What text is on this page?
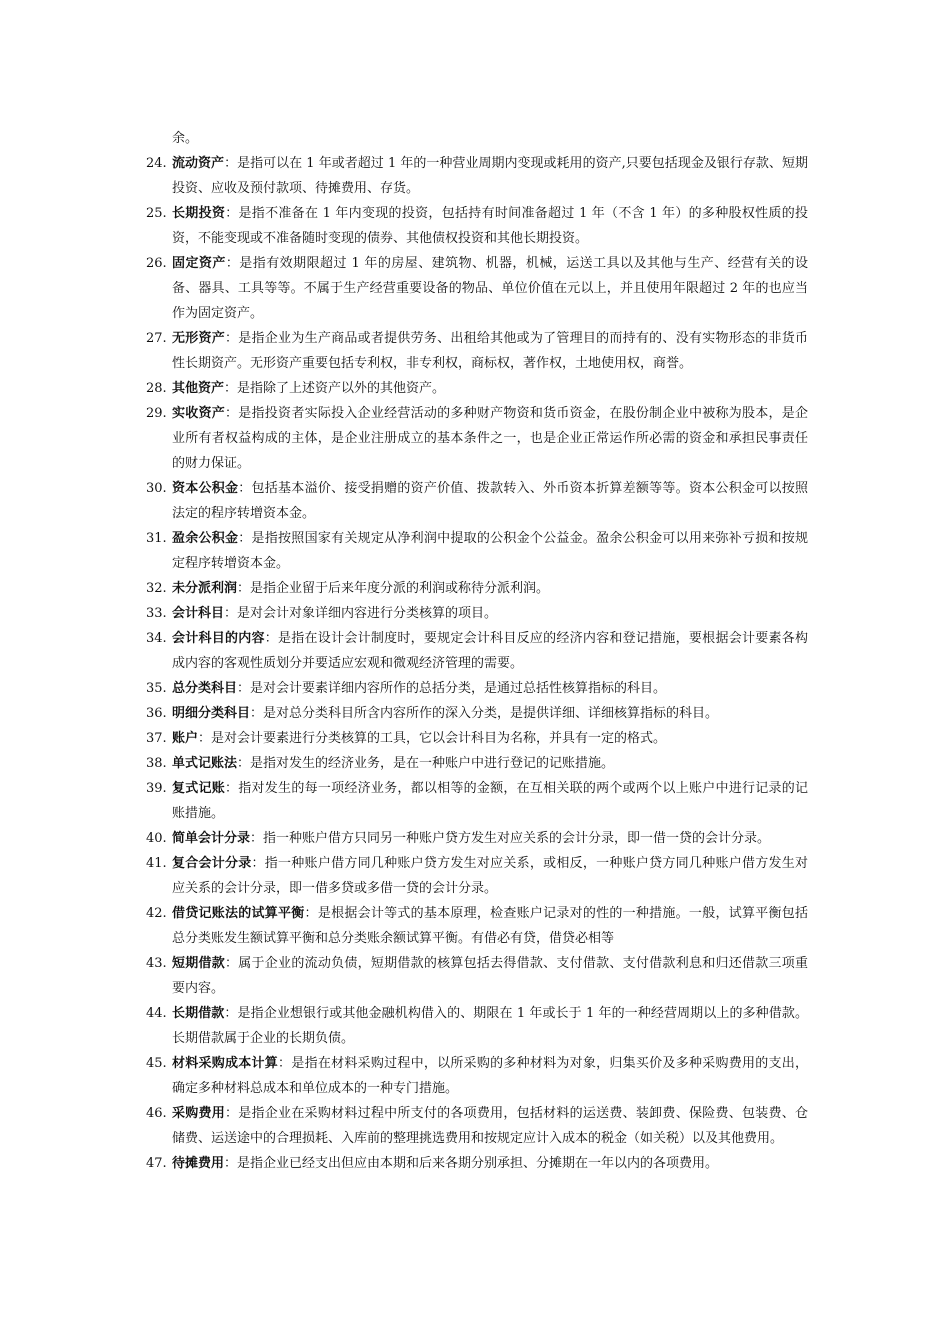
余。
24. 流动资产：是指可以在 1 年或者超过 1 年的一种营业周期内变现或耗用的资产,只要包括现金及银行存款、短期投资、应收及预付款项、待摊费用、存货。
25. 长期投资：是指不准备在 1 年内变现的投资，包括持有时间准备超过 1 年（不含 1 年）的多种股权性质的投资，不能变现或不准备随时变现的债券、其他债权投资和其他长期投资。
26. 固定资产：是指有效期限超过 1 年的房屋、建筑物、机器，机械，运送工具以及其他与生产、经营有关的设备、器具、工具等等。不属于生产经营重要设备的物品、单位价值在元以上，并且使用年限超过 2 年的也应当作为固定资产。
27. 无形资产：是指企业为生产商品或者提供劳务、出租给其他或为了管理目的而持有的、没有实物形态的非货币性长期资产。无形资产重要包括专利权，非专利权，商标权，著作权，土地使用权，商誉。
28. 其他资产：是指除了上述资产以外的其他资产。
29. 实收资产：是指投资者实际投入企业经营活动的多种财产物资和货币资金，在股份制企业中被称为股本，是企业所有者权益构成的主体，是企业注册成立的基本条件之一，也是企业正常运作所必需的资金和承担民事责任的财力保证。
30. 资本公积金：包括基本溢价、接受捐赠的资产价值、拨款转入、外币资本折算差额等等。资本公积金可以按照法定的程序转增资本金。
31. 盈余公积金：是指按照国家有关规定从净利润中提取的公积金个公益金。盈余公积金可以用来弥补亏损和按规定程序转增资本金。
32. 未分派利润：是指企业留于后来年度分派的利润或称待分派利润。
33. 会计科目：是对会计对象详细内容进行分类核算的项目。
34. 会计科目的内容：是指在设计会计制度时，要规定会计科目反应的经济内容和登记措施，要根据会计要素各构成内容的客观性质划分并要适应宏观和微观经济管理的需要。
35. 总分类科目：是对会计要素详细内容所作的总括分类，是通过总括性核算指标的科目。
36. 明细分类科目：是对总分类科目所含内容所作的深入分类，是提供详细、详细核算指标的科目。
37. 账户：是对会计要素进行分类核算的工具，它以会计科目为名称，并具有一定的格式。
38. 单式记账法：是指对发生的经济业务，是在一种账户中进行登记的记账措施。
39. 复式记账：指对发生的每一项经济业务，都以相等的金额，在互相关联的两个或两个以上账户中进行记录的记账措施。
40. 简单会计分录：指一种账户借方只同另一种账户贷方发生对应关系的会计分录，即一借一贷的会计分录。
41. 复合会计分录：指一种账户借方同几种账户贷方发生对应关系，或相反，一种账户贷方同几种账户借方发生对应关系的会计分录，即一借多贷或多借一贷的会计分录。
42. 借贷记账法的试算平衡：是根据会计等式的基本原理，检查账户记录对的性的一种措施。一般，试算平衡包括总分类账发生额试算平衡和总分类账余额试算平衡。有借必有贷，借贷必相等
43. 短期借款：属于企业的流动负债，短期借款的核算包括去得借款、支付借款、支付借款利息和归还借款三项重要内容。
44. 长期借款：是指企业想银行或其他金融机构借入的、期限在 1 年或长于 1 年的一种经营周期以上的多种借款。长期借款属于企业的长期负债。
45. 材料采购成本计算：是指在材料采购过程中，以所采购的多种材料为对象，归集买价及多种采购费用的支出，确定多种材料总成本和单位成本的一种专门措施。
46. 采购费用：是指企业在采购材料过程中所支付的各项费用，包括材料的运送费、装卸费、保险费、包装费、仓储费、运送途中的合理损耗、入库前的整理挑选费用和按规定应计入成本的税金（如关税）以及其他费用。
47. 待摊费用：是指企业已经支出但应由本期和后来各期分别承担、分摊期在一年以内的各项费用。
